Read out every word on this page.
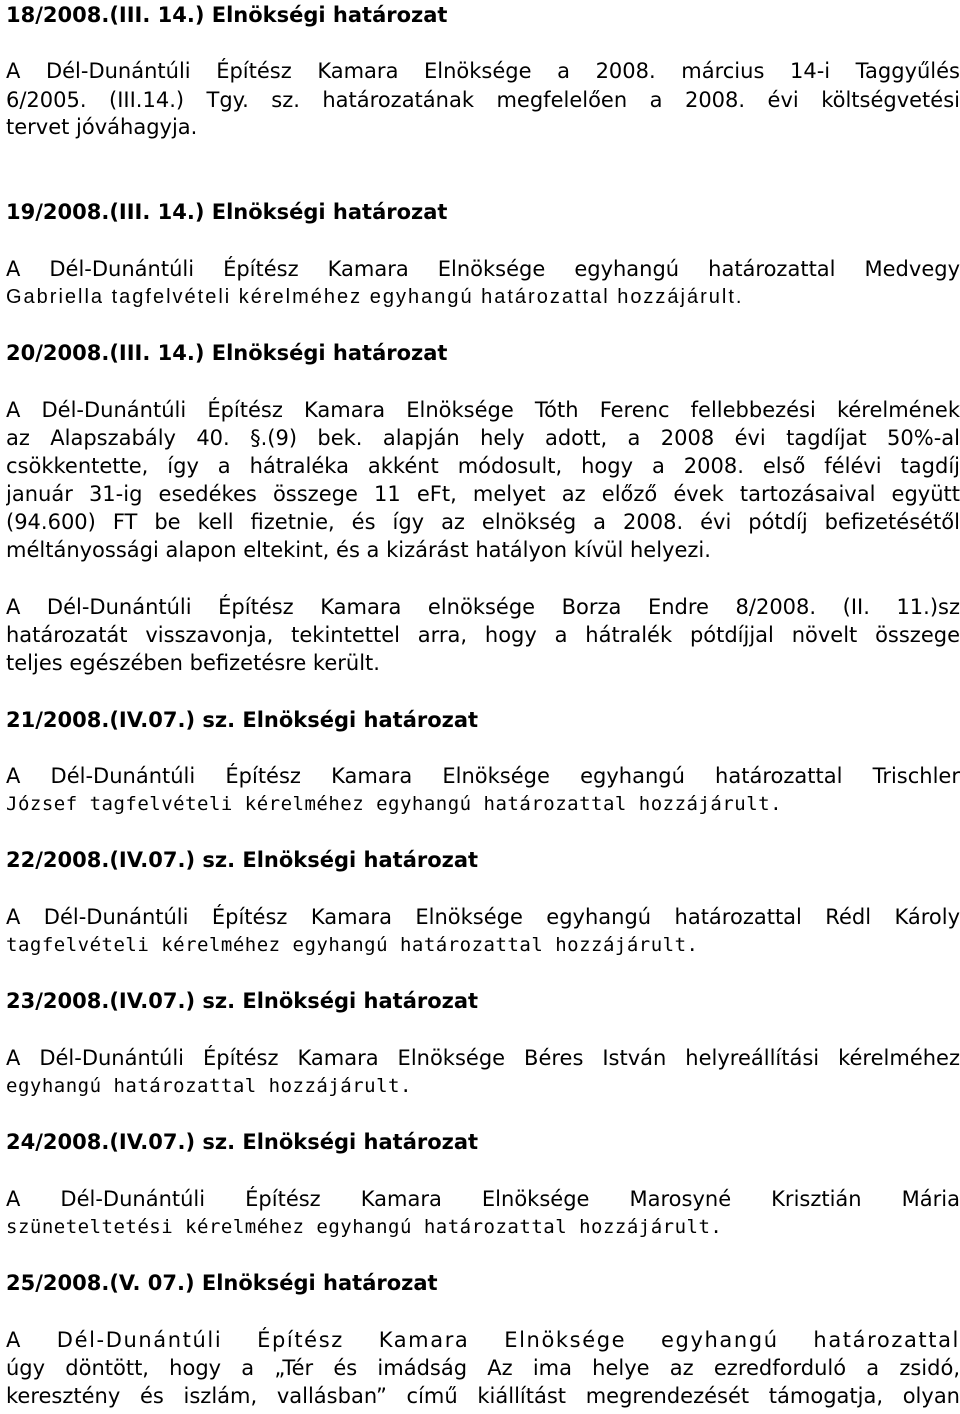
18/2008.(III. 14.) Elnökségi határozat
A Dél-Dunántúli Építész Kamara Elnöksége a 2008. március 14-i Taggyűlés
6/2005. (III.14.) Tgy. sz. határozatának megfelelően a 2008. évi költségvetési
tervet jóváhagyja.
19/2008.(III. 14.) Elnökségi határozat
A Dél-Dunántúli Építész Kamara Elnöksége egyhangú határozattal Medvegy
Gabriella tagfelvételi kérelméhez egyhangú határozattal hozzájárult.
20/2008.(III. 14.) Elnökségi határozat
A Dél-Dunántúli Építész Kamara Elnöksége Tóth Ferenc fellebbezési kérelmének
az Alapszabály 40. §.(9) bek. alapján hely adott, a 2008 évi tagdíjat 50%-al
csökkentette, így a hátraléka akként módosult, hogy a 2008. első félévi tagdíj
január 31-ig esedékes összege 11 eFt, melyet az előző évek tartozásaival együtt
(94.600) FT be kell fizetnie, és így az elnökség a 2008. évi pótdíj befizetésétől
méltányossági alapon eltekint, és a kizárást hatályon kívül helyezi.
A Dél-Dunántúli Építész Kamara elnöksége Borza Endre 8/2008. (II. 11.)sz
határozatát visszavonja, tekintettel arra, hogy a hátralék pótdíjjal növelt összege
teljes egészében befizetésre került.
21/2008.(IV.07.) sz. Elnökségi határozat
A Dél-Dunántúli Építész Kamara Elnöksége egyhangú határozattal Trischler
József tagfelvételi kérelméhez egyhangú határozattal hozzájárult.
22/2008.(IV.07.) sz. Elnökségi határozat
A Dél-Dunántúli Építész Kamara Elnöksége egyhangú határozattal Rédl Károly
tagfelvételi kérelméhez egyhangú határozattal hozzájárult.
23/2008.(IV.07.) sz. Elnökségi határozat
A Dél-Dunántúli Építész Kamara Elnöksége Béres István helyreállítási kérelméhez
egyhangú határozattal hozzájárult.
24/2008.(IV.07.) sz. Elnökségi határozat
A Dél-Dunántúli Építész Kamara Elnöksége Marosyné Krisztián Mária
szüneteltetési kérelméhez egyhangú határozattal hozzájárult.
25/2008.(V. 07.) Elnökségi határozat
A Dél-Dunántúli Építész Kamara Elnöksége egyhangú határozattal
úgy döntött, hogy a „Tér és imádság Az ima helye az ezredforduló a zsidó,
keresztény és iszlám, vallásban” című kiállítást megrendezését támogatja, olyan
